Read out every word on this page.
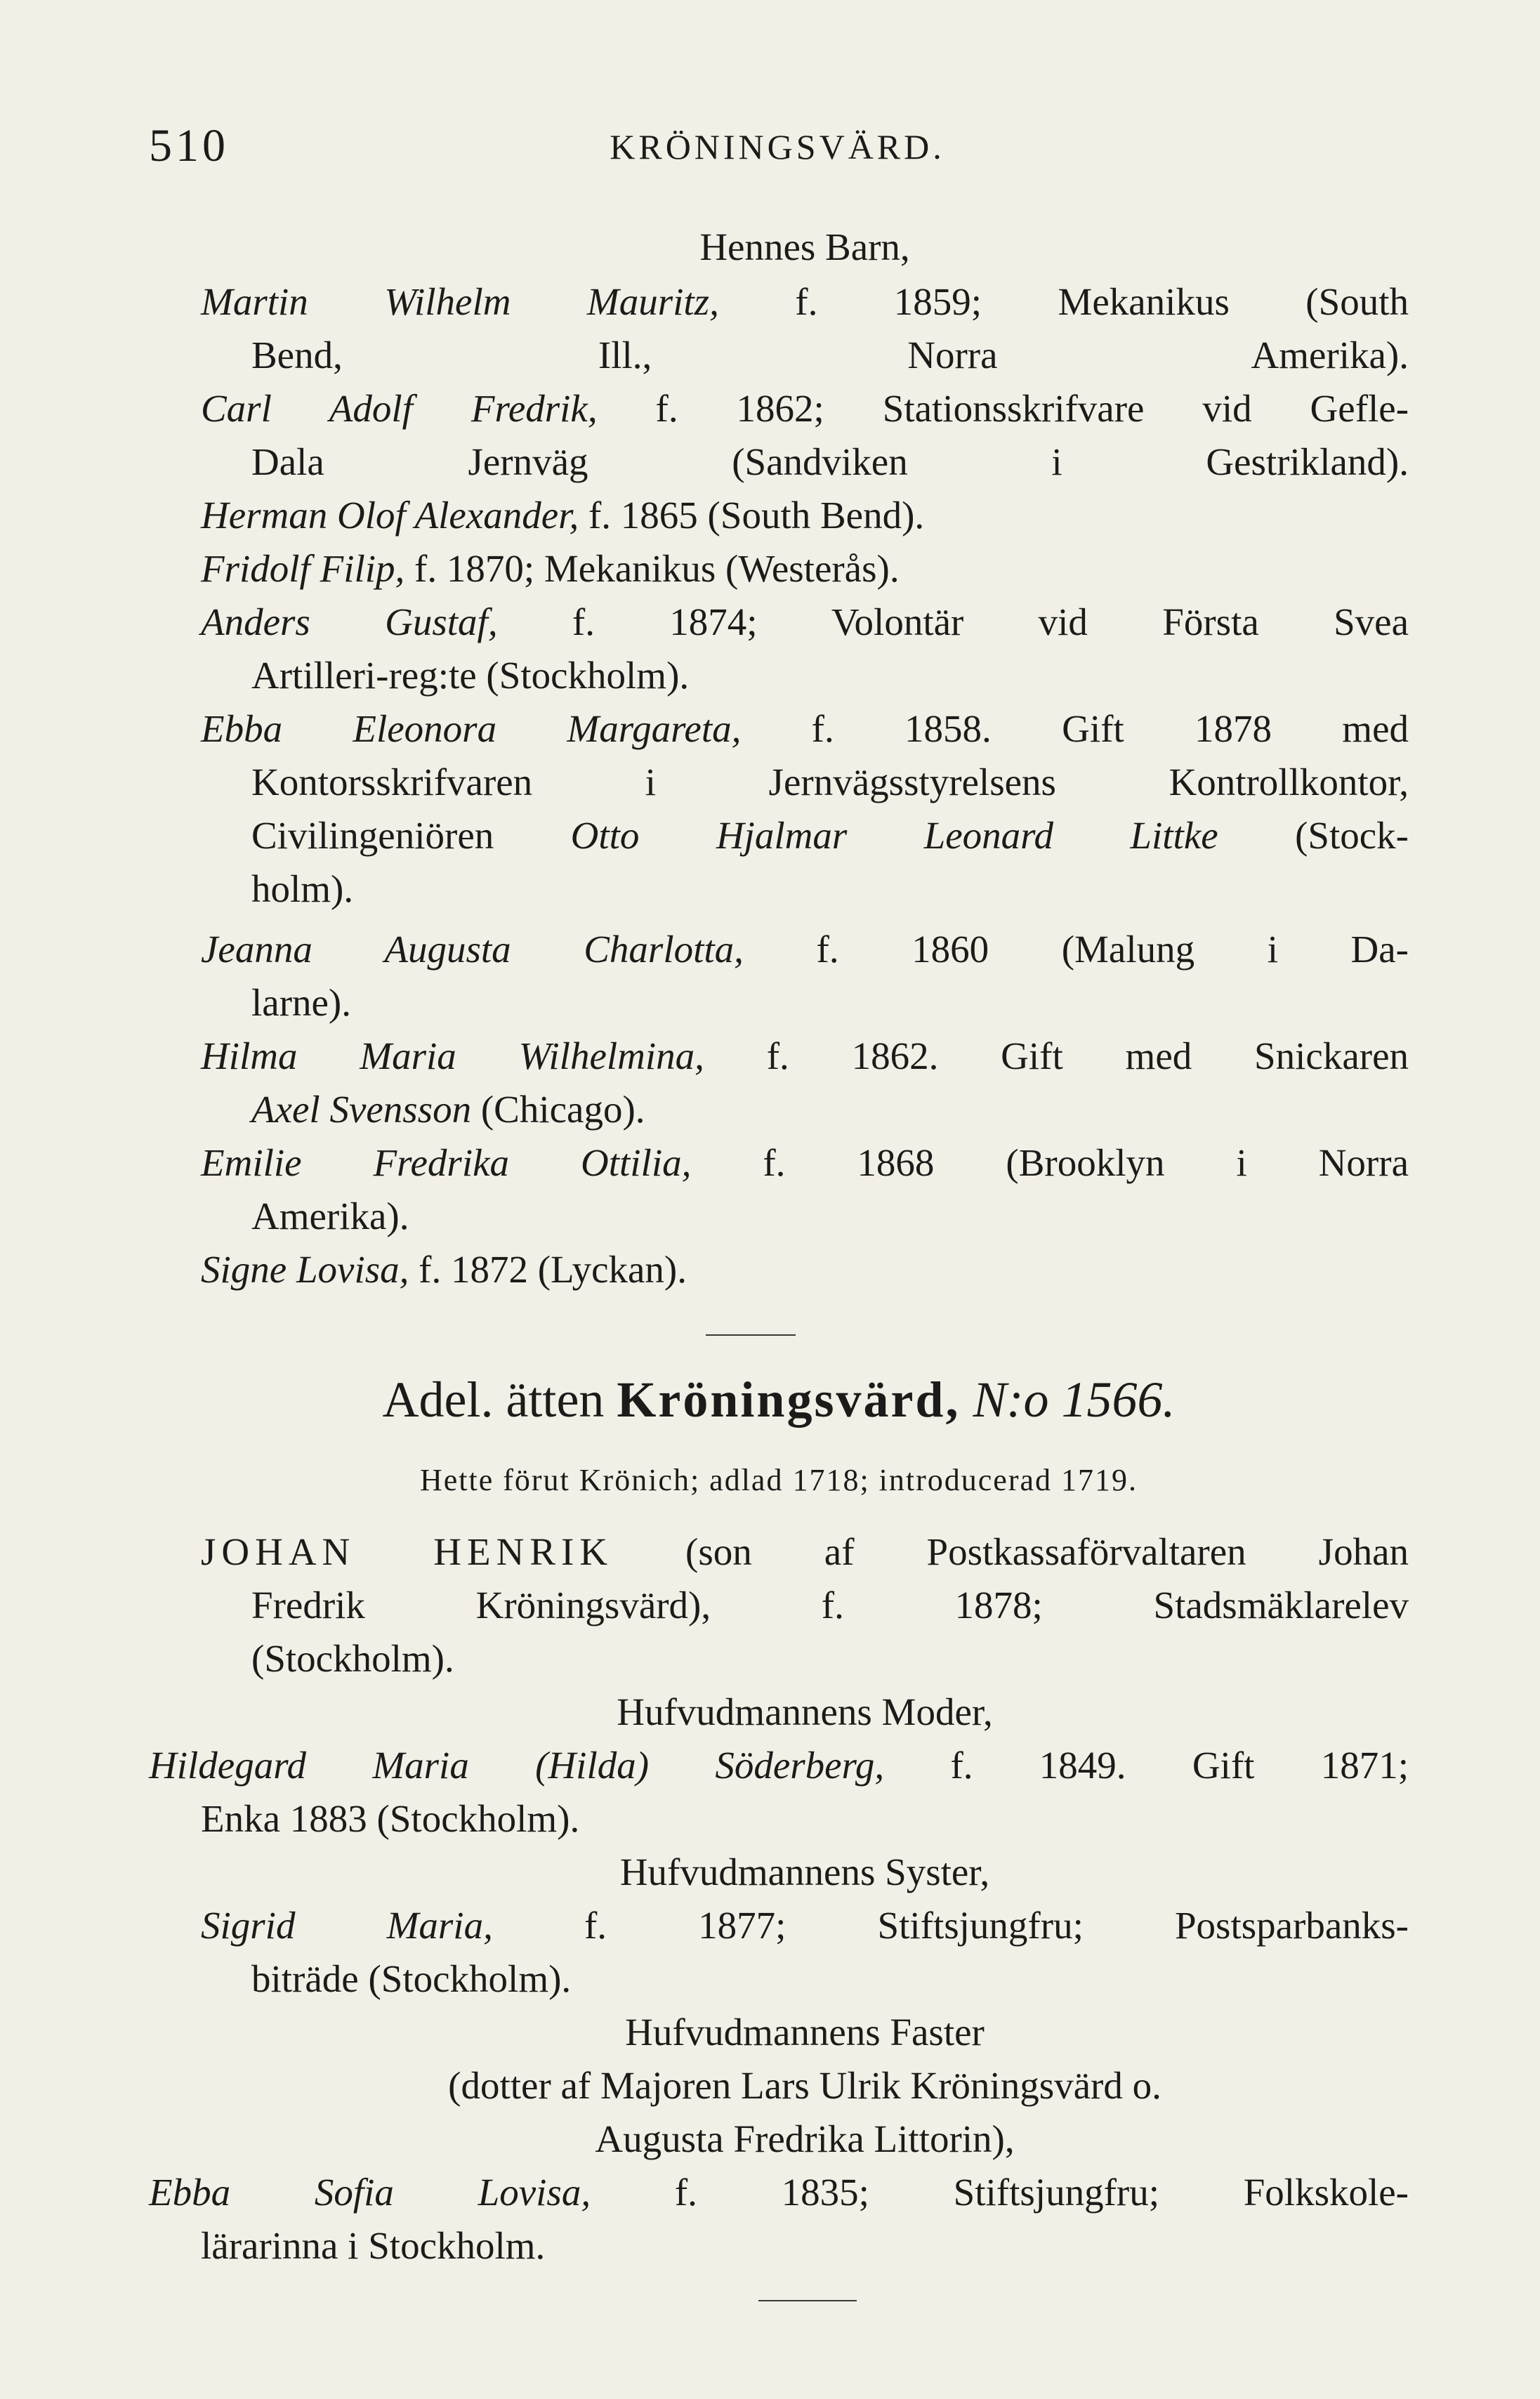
510	KRÖNINGSVÄRD.
Hennes Barn,
Martin Wilhelm Mauritz, f. 1859; Mekanikus (South
Bend, Ill., Norra Amerika).
Carl Adolf Fredrik, f. 1862; Stationsskrifvare vid Gefle-
Dala Jernväg (Sandviken i Gestrikland).
Herman Olof Alexander, f. 1865 (South Bend).
Fridolf Filip, f. 1870; Mekanikus (Westerås).
Anders Gustaf, f. 1874; Volontär vid Första Svea
Artilleri-reg:te (Stockholm).
Ebba Eleonora Margareta, f. 1858. Gift 1878 med
Kontorsskrifvaren i Jernvägsstyrelsens Kontrollkontor,
Civilingeniören Otto Hjalmar Leonard Littke (Stock-
holm).
Jeanna Augusta Charlotta, f. 1860 (Malung i Da-
larne).
Hilma Maria Wilhelmina, f. 1862. Gift med Snickaren
Axel Svensson (Chicago).
Emilie Fredrika Ottilia, f. 1868 (Brooklyn i Norra
Amerika).
Signe Lovisa, f. 1872 (Lyckan).
Adel. ätten Kröningsvärd, N:o 1566.
Hette förut Krönich; adlad 1718; introducerad 1719.
JOHAN HENRIK (son af Postkassaförvaltaren Johan
Fredrik Kröningsvärd), f. 1878; Stadsmäklarelev
(Stockholm).
Hufvudmannens Moder,
Hildegard Maria (Hilda) Söderberg, f. 1849. Gift 1871;
Enka 1883 (Stockholm).
Hufvudmannens Syster,
Sigrid Maria, f. 1877; Stiftsjungfru; Postsparbanks-
biträde (Stockholm).
Hufvudmannens Faster
(dotter af Majoren Lars Ulrik Kröningsvärd o.
Augusta Fredrika Littorin),
Ebba Sofia Lovisa, f. 1835; Stiftsjungfru; Folkskole-
lärarinna i Stockholm.
